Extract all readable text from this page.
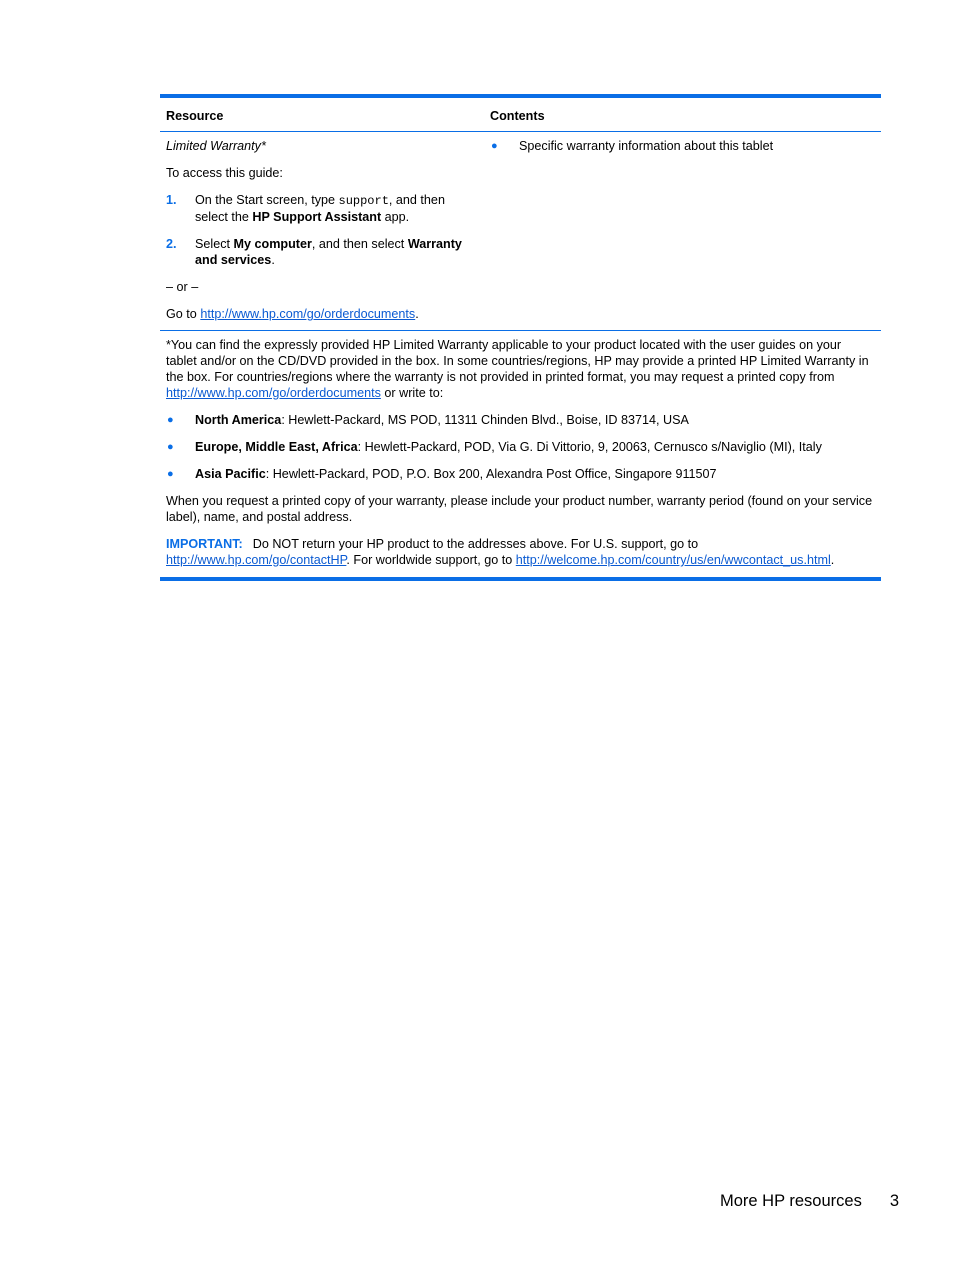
Resource	Contents

Limited Warranty*

To access this guide:

1. On the Start screen, type support, and then select the HP Support Assistant app.
2. Select My computer, and then select Warranty and services.

– or –

Go to http://www.hp.com/go/orderdocuments.

● Specific warranty information about this tablet

*You can find the expressly provided HP Limited Warranty applicable to your product located with the user guides on your tablet and/or on the CD/DVD provided in the box. In some countries/regions, HP may provide a printed HP Limited Warranty in the box. For countries/regions where the warranty is not provided in printed format, you may request a printed copy from http://www.hp.com/go/orderdocuments or write to:

● North America: Hewlett-Packard, MS POD, 11311 Chinden Blvd., Boise, ID 83714, USA
● Europe, Middle East, Africa: Hewlett-Packard, POD, Via G. Di Vittorio, 9, 20063, Cernusco s/Naviglio (MI), Italy
● Asia Pacific: Hewlett-Packard, POD, P.O. Box 200, Alexandra Post Office, Singapore 911507

When you request a printed copy of your warranty, please include your product number, warranty period (found on your service label), name, and postal address.

IMPORTANT: Do NOT return your HP product to the addresses above. For U.S. support, go to http://www.hp.com/go/contactHP. For worldwide support, go to http://welcome.hp.com/country/us/en/wwcontact_us.html.

More HP resources 3
